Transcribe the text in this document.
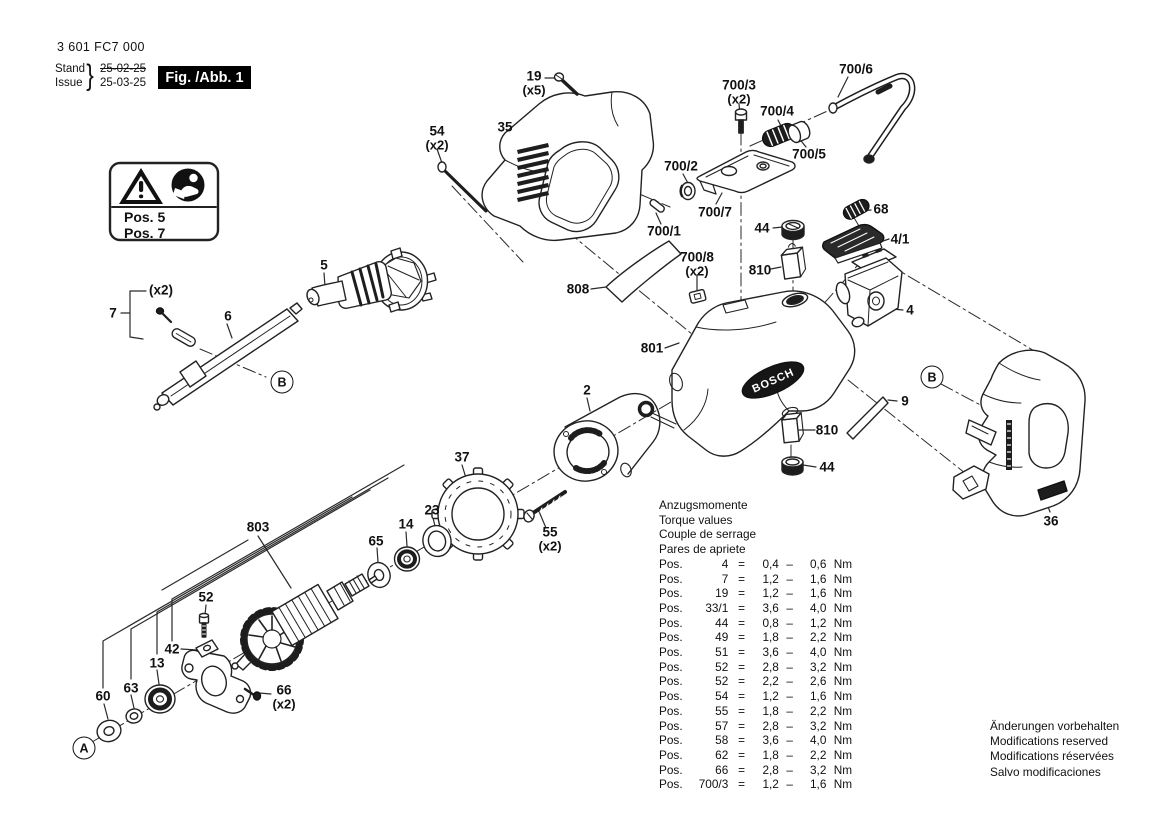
BOSCH
3 601 FC7 000
Stand
Issue } 25-02-25
25-03-25	Fig. /Abb. 1
Pos. 5
Pos. 7
19
(x5)
35
54
(x2)
700/3
(x2)
700/4
700/6
700/5
700/2
700/7
700/1
68
44
4/1
700/8
(x2)	810
808
801
4
9
810
44
36
2
37
23
14
65
55
(x2)
803
52
42
13
63
60	66
(x2)
5
6
7
(x2)
A
B	B
Anzugsmomente
Torque values
Couple de serrage
Pares de apriete
Pos.	4 = 0,4 – 0,6 Nm
Pos.	7 = 1,2 – 1,6 Nm
Pos.	19 = 1,2 – 1,6 Nm
Pos. 33/1 = 3,6 – 4,0 Nm
Pos.	44 = 0,8 – 1,2 Nm
Pos.	49 = 1,8 – 2,2 Nm
Pos.	51 = 3,6 – 4,0 Nm
Pos.	52 = 2,8 – 3,2 Nm
Pos.	52 = 2,2 – 2,6 Nm
Pos.	54 = 1,2 – 1,6 Nm
Pos.	55 = 1,8 – 2,2 Nm
Pos.	57 = 2,8 – 3,2 Nm
Pos.	58 = 3,6 – 4,0 Nm
Pos.	62 = 1,8 – 2,2 Nm
Pos.	66 = 2,8 – 3,2 Nm
Pos. 700/3 = 1,2 – 1,6 Nm
Änderungen vorbehalten
Modifications reserved
Modifications réservées
Salvo modificaciones
